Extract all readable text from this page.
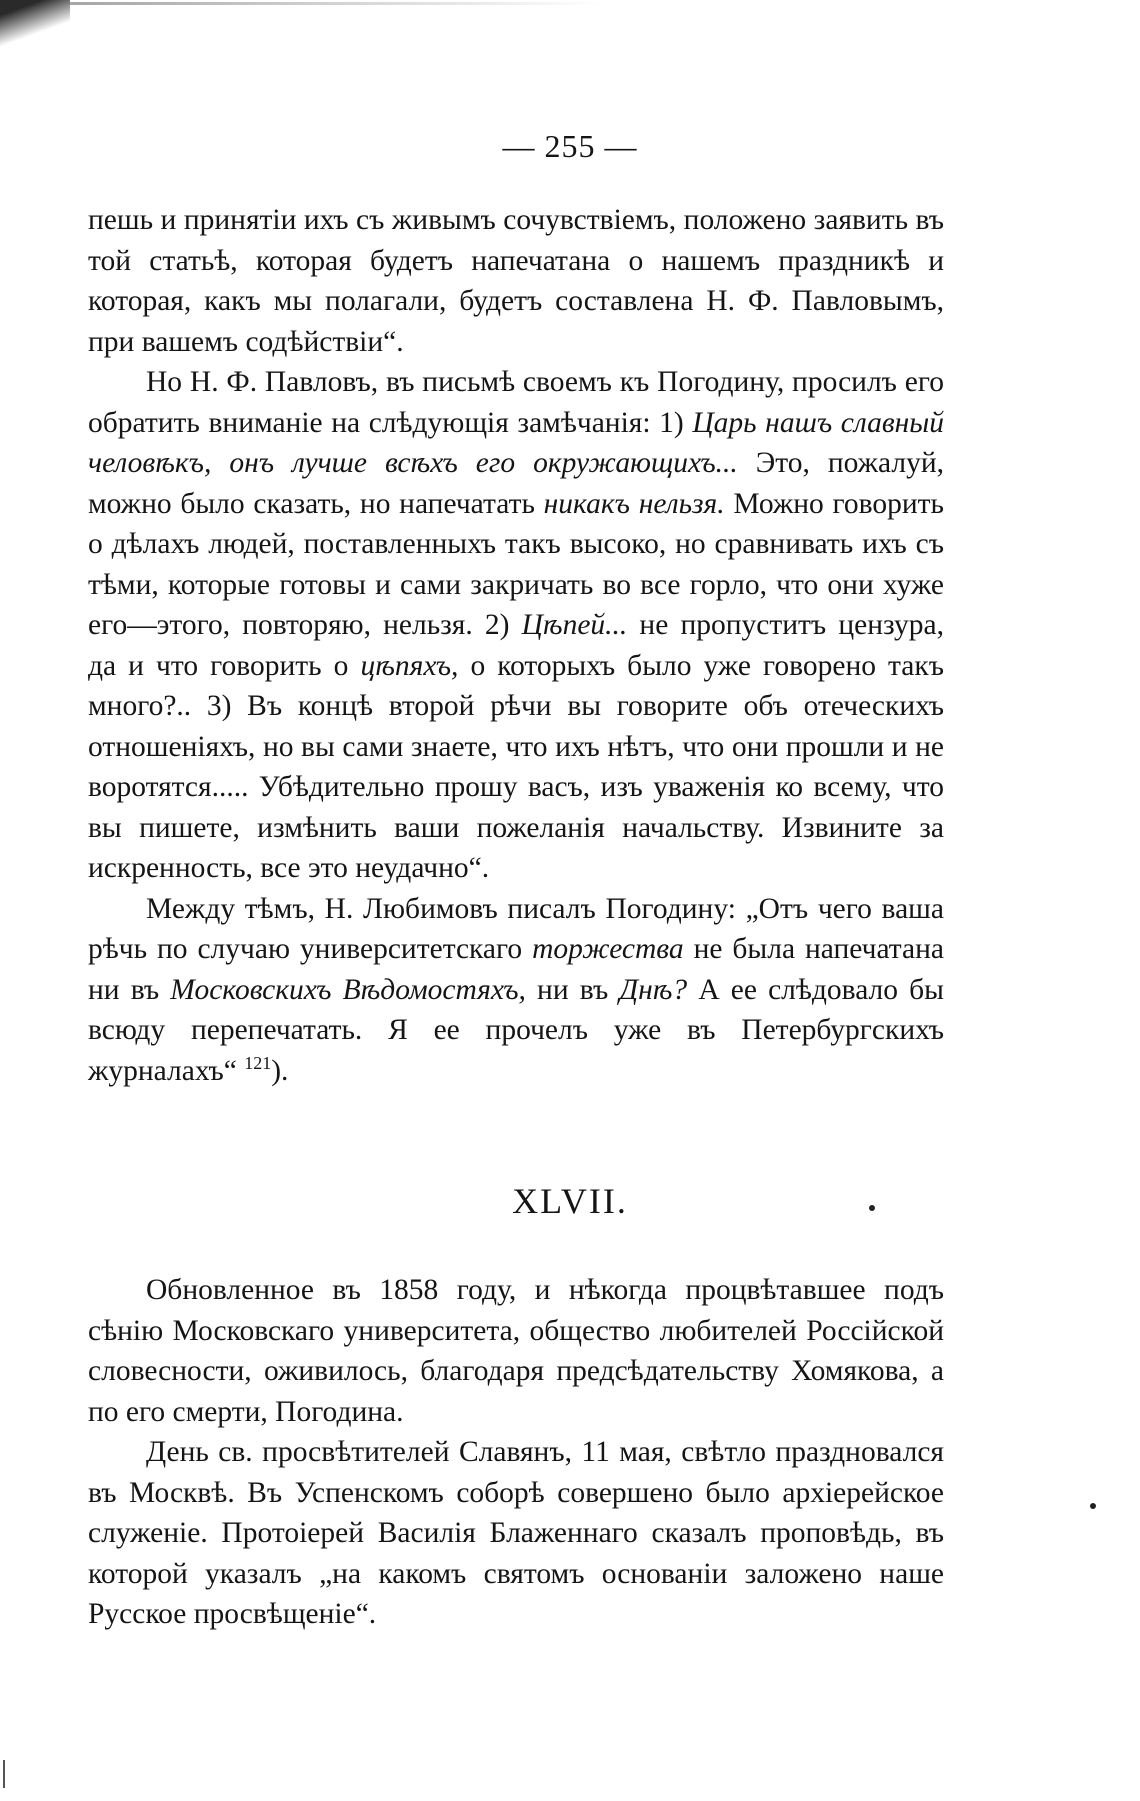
— 255 —

пешь и принятіи ихъ съ живымъ сочувствіемъ, положено заявить въ той статьѣ, которая будетъ напечатана о нашемъ праздникѣ и которая, какъ мы полагали, будетъ составлена Н. Ф. Павловымъ, при вашемъ содѣйствіи“.

Но Н. Ф. Павловъ, въ письмѣ своемъ къ Погодину, просилъ его обратить вниманіе на слѣдующія замѣчанія: 1) Царь нашъ славный человѣкъ, онъ лучше всѣхъ его окружающихъ... Это, пожалуй, можно было сказать, но напечатать никакъ нельзя. Можно говорить о дѣлахъ людей, поставленныхъ такъ высоко, но сравнивать ихъ съ тѣми, которые готовы и сами закричать во все горло, что они хуже его—этого, повторяю, нельзя. 2) Цѣпей... не пропуститъ цензура, да и что говорить о цѣпяхъ, о которыхъ было уже говорено такъ много?.. 3) Въ концѣ второй рѣчи вы говорите объ отеческихъ отношеніяхъ, но вы сами знаете, что ихъ нѣтъ, что они прошли и не воротятся..... Убѣдительно прошу васъ, изъ уваженія ко всему, что вы пишете, измѣнить ваши пожеланія начальству. Извините за искренность, все это неудачно“.

Между тѣмъ, Н. Любимовъ писалъ Погодину: „Отъ чего ваша рѣчь по случаю университетскаго торжества не была напечатана ни въ Московскихъ Вѣдомостяхъ, ни въ Днѣ? А ее слѣдовало бы всюду перепечатать. Я ее прочелъ уже въ Петербургскихъ журналахъ“ $^{121}$).

XLVII.

Обновленное въ 1858 году, и нѣкогда процвѣтавшее подъ сѣнію Московскаго университета, общество любителей Россійской словесности, оживилось, благодаря предсѣдательству Хомякова, а по его смерти, Погодина.

День св. просвѣтителей Славянъ, 11 мая, свѣтло праздновался въ Москвѣ. Въ Успенскомъ соборѣ совершено было архіерейское служеніе. Протоіерей Василія Блаженнаго сказалъ проповѣдь, въ которой указалъ „на какомъ святомъ основаніи заложено наше Русское просвѣщеніе“.
